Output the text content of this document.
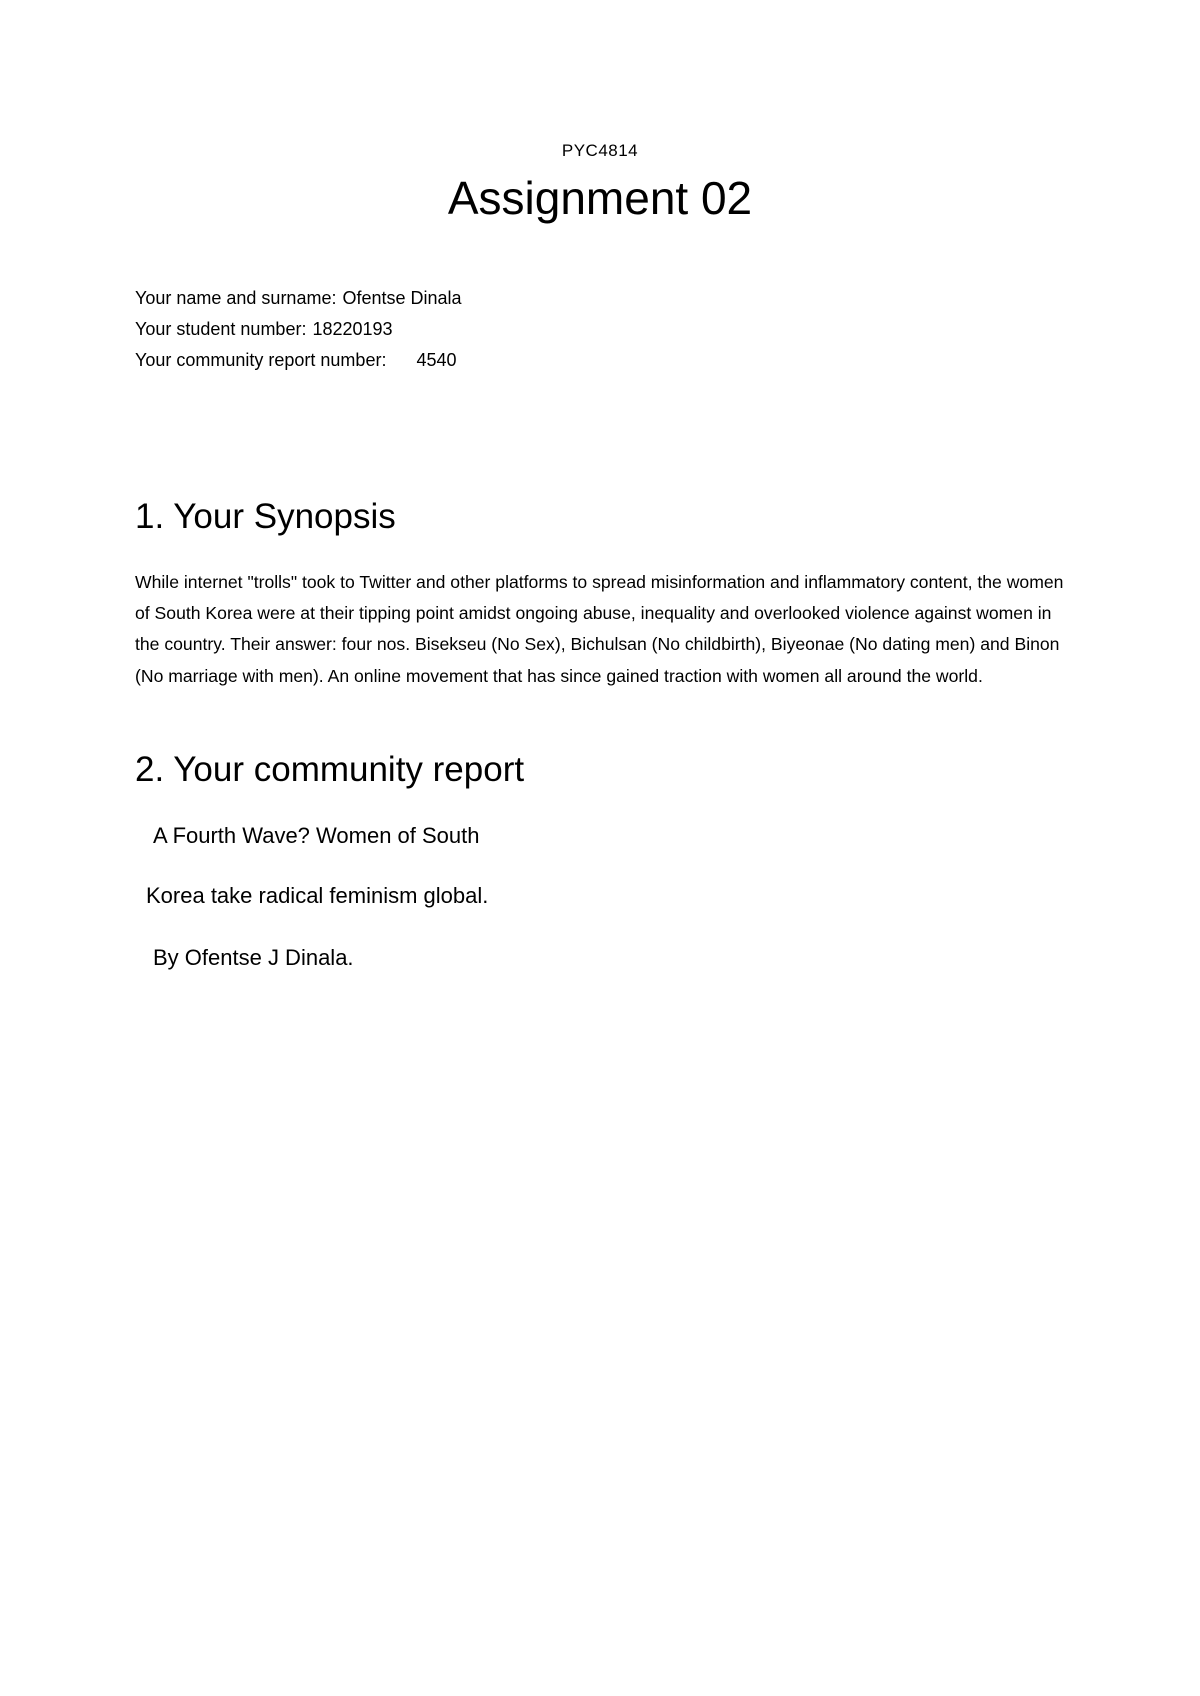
PYC4814
Assignment 02
Your name and surname: Ofentse Dinala
Your student number: 18220193
Your community report number: 4540
1. Your Synopsis

While internet "trolls" took to Twitter and other platforms to spread misinformation and inflammatory content, the women of South Korea were at their tipping point amidst ongoing abuse, inequality and overlooked violence against women in the country. Their answer: four nos. Bisekseu (No Sex), Bichulsan (No childbirth), Biyeonae (No dating men) and Binon (No marriage with men). An online movement that has since gained traction with women all around the world.

2. Your community report
A Fourth Wave? Women of South
Korea take radical feminism global.
By Ofentse J Dinala.
